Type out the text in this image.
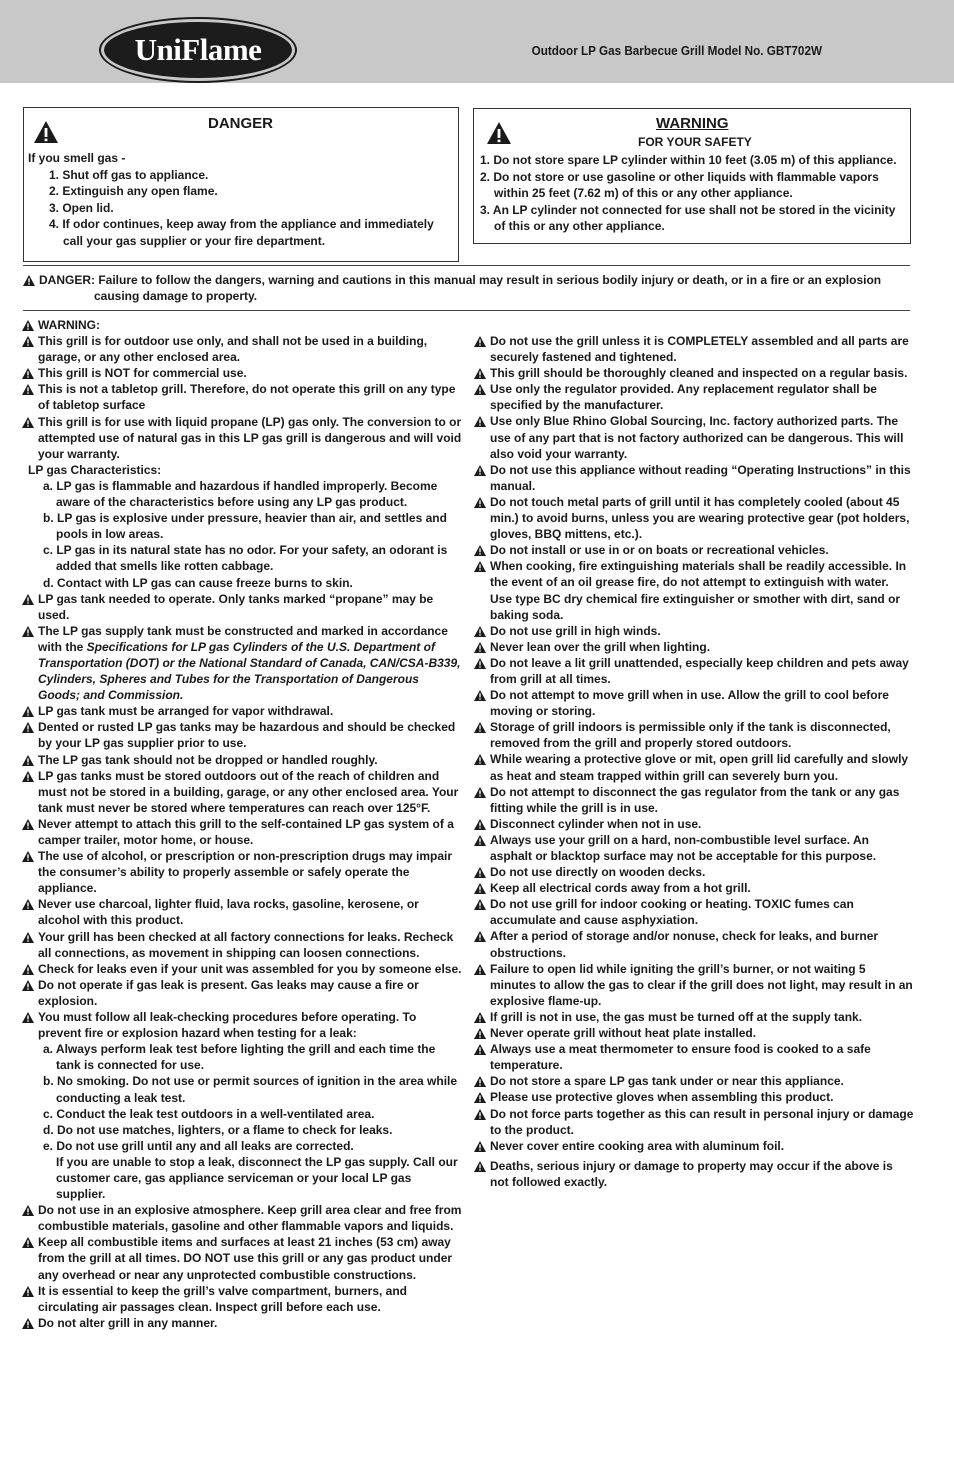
UniFlame	Outdoor LP Gas Barbecue Grill Model No. GBT702W
DANGER
If you smell gas -
1. Shut off gas to appliance.
2. Extinguish any open flame.
3. Open lid.
4. If odor continues, keep away from the appliance and immediately
call your gas supplier or your fire department.
WARNING
FOR YOUR SAFETY
1. Do not store spare LP cylinder within 10 feet (3.05 m) of this appliance.
2. Do not store or use gasoline or other liquids with flammable vapors
within 25 feet (7.62 m) of this or any other appliance.
3. An LP cylinder not connected for use shall not be stored in the vicinity
of this or any other appliance.
DANGER: Failure to follow the dangers, warning and cautions in this manual may result in serious bodily injury or death, or in a fire or an explosion
causing damage to property.
WARNING:
This grill is for outdoor use only, and shall not be used in a building, garage, or any other enclosed area.
This grill is NOT for commercial use.
This is not a tabletop grill. Therefore, do not operate this grill on any type of tabletop surface
This grill is for use with liquid propane (LP) gas only. The conversion to or attempted use of natural gas in this LP gas grill is dangerous and will void your warranty.
LP gas Characteristics:
a. LP gas is flammable and hazardous if handled improperly. Become aware of the characteristics before using any LP gas product.
b. LP gas is explosive under pressure, heavier than air, and settles and pools in low areas.
c. LP gas in its natural state has no odor. For your safety, an odorant is added that smells like rotten cabbage.
d. Contact with LP gas can cause freeze burns to skin.
LP gas tank needed to operate. Only tanks marked “propane” may be used.
The LP gas supply tank must be constructed and marked in accordance with the Specifications for LP gas Cylinders of the U.S. Department of Transportation (DOT) or the National Standard of Canada, CAN/CSA-B339, Cylinders, Spheres and Tubes for the Transportation of Dangerous Goods; and Commission.
LP gas tank must be arranged for vapor withdrawal.
Dented or rusted LP gas tanks may be hazardous and should be checked by your LP gas supplier prior to use.
The LP gas tank should not be dropped or handled roughly.
LP gas tanks must be stored outdoors out of the reach of children and must not be stored in a building, garage, or any other enclosed area. Your tank must never be stored where temperatures can reach over 125°F.
Never attempt to attach this grill to the self-contained LP gas system of a camper trailer, motor home, or house.
The use of alcohol, or prescription or non-prescription drugs may impair the consumer’s ability to properly assemble or safely operate the appliance.
Never use charcoal, lighter fluid, lava rocks, gasoline, kerosene, or alcohol with this product.
Your grill has been checked at all factory connections for leaks. Recheck all connections, as movement in shipping can loosen connections.
Check for leaks even if your unit was assembled for you by someone else.
Do not operate if gas leak is present. Gas leaks may cause a fire or explosion.
You must follow all leak-checking procedures before operating. To prevent fire or explosion hazard when testing for a leak:
a. Always perform leak test before lighting the grill and each time the tank is connected for use.
b. No smoking. Do not use or permit sources of ignition in the area while conducting a leak test.
c. Conduct the leak test outdoors in a well-ventilated area.
d. Do not use matches, lighters, or a flame to check for leaks.
e. Do not use grill until any and all leaks are corrected.
If you are unable to stop a leak, disconnect the LP gas supply. Call our customer care, gas appliance serviceman or your local LP gas supplier.
Do not use in an explosive atmosphere. Keep grill area clear and free from combustible materials, gasoline and other flammable vapors and liquids.
Keep all combustible items and surfaces at least 21 inches (53 cm) away from the grill at all times. DO NOT use this grill or any gas product under any overhead or near any unprotected combustible constructions.
It is essential to keep the grill’s valve compartment, burners, and circulating air passages clean. Inspect grill before each use.
Do not alter grill in any manner.
Do not use the grill unless it is COMPLETELY assembled and all parts are securely fastened and tightened.
This grill should be thoroughly cleaned and inspected on a regular basis.
Use only the regulator provided. Any replacement regulator shall be specified by the manufacturer.
Use only Blue Rhino Global Sourcing, Inc. factory authorized parts. The use of any part that is not factory authorized can be dangerous. This will also void your warranty.
Do not use this appliance without reading “Operating Instructions” in this manual.
Do not touch metal parts of grill until it has completely cooled (about 45 min.) to avoid burns, unless you are wearing protective gear (pot holders, gloves, BBQ mittens, etc.).
Do not install or use in or on boats or recreational vehicles.
When cooking, fire extinguishing materials shall be readily accessible. In the event of an oil grease fire, do not attempt to extinguish with water. Use type BC dry chemical fire extinguisher or smother with dirt, sand or baking soda.
Do not use grill in high winds.
Never lean over the grill when lighting.
Do not leave a lit grill unattended, especially keep children and pets away from grill at all times.
Do not attempt to move grill when in use. Allow the grill to cool before moving or storing.
Storage of grill indoors is permissible only if the tank is disconnected, removed from the grill and properly stored outdoors.
While wearing a protective glove or mit, open grill lid carefully and slowly as heat and steam trapped within grill can severely burn you.
Do not attempt to disconnect the gas regulator from the tank or any gas fitting while the grill is in use.
Disconnect cylinder when not in use.
Always use your grill on a hard, non-combustible level surface. An asphalt or blacktop surface may not be acceptable for this purpose.
Do not use directly on wooden decks.
Keep all electrical cords away from a hot grill.
Do not use grill for indoor cooking or heating. TOXIC fumes can accumulate and cause asphyxiation.
After a period of storage and/or nonuse, check for leaks, and burner obstructions.
Failure to open lid while igniting the grill’s burner, or not waiting 5 minutes to allow the gas to clear if the grill does not light, may result in an explosive flame-up.
If grill is not in use, the gas must be turned off at the supply tank.
Never operate grill without heat plate installed.
Always use a meat thermometer to ensure food is cooked to a safe temperature.
Do not store a spare LP gas tank under or near this appliance.
Please use protective gloves when assembling this product.
Do not force parts together as this can result in personal injury or damage to the product.
Never cover entire cooking area with aluminum foil.
Deaths, serious injury or damage to property may occur if the above is not followed exactly.
